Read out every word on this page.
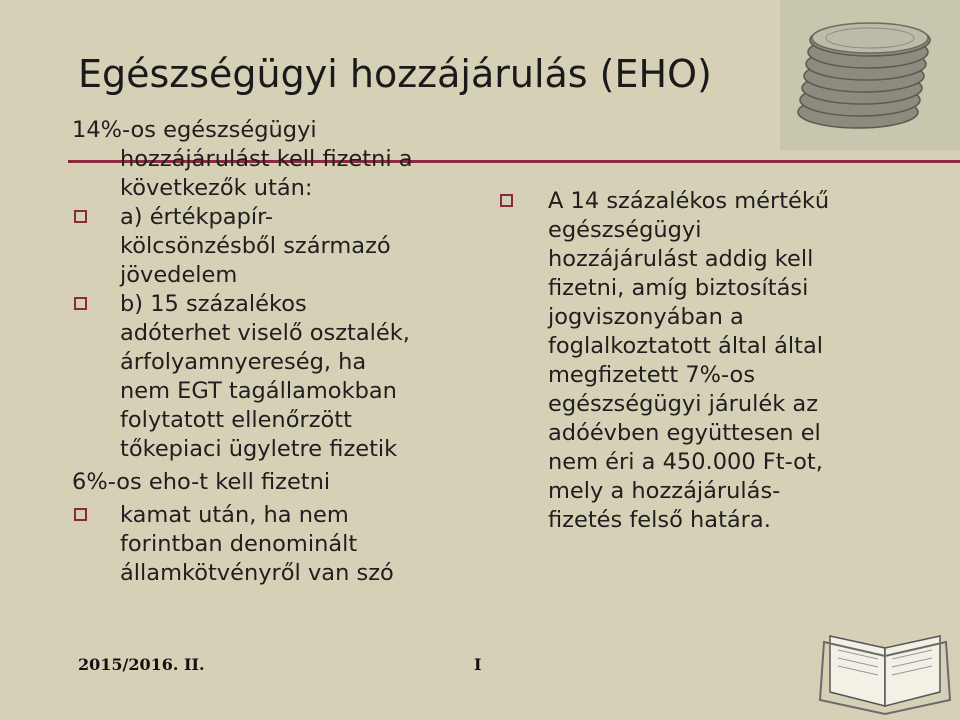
Egészségügyi hozzájárulás (EHO)

14%-os egészségügyi
hozzájárulást kell fizetni a
következők után:

a) értékpapír-
kölcsönzésből származó
jövedelem

b) 15 százalékos
adóterhet viselő osztalék,
árfolyamnyereség, ha
nem EGT tagállamokban
folytatott ellenőrzött
tőkepiaci ügyletre fizetik

6%-os eho-t kell fizetni

kamat után, ha nem
forintban denominált
államkötvényről van szó

A 14 százalékos mértékű
egészségügyi
hozzájárulást addig kell
fizetni, amíg biztosítási
jogviszonyában a
foglalkoztatott által által
megfizetett 7%-os
egészségügyi járulék az
adóévben együttesen el
nem éri a 450.000 Ft-ot,
mely a hozzájárulás-
fizetés felső határa.

2015/2016. II.	I
